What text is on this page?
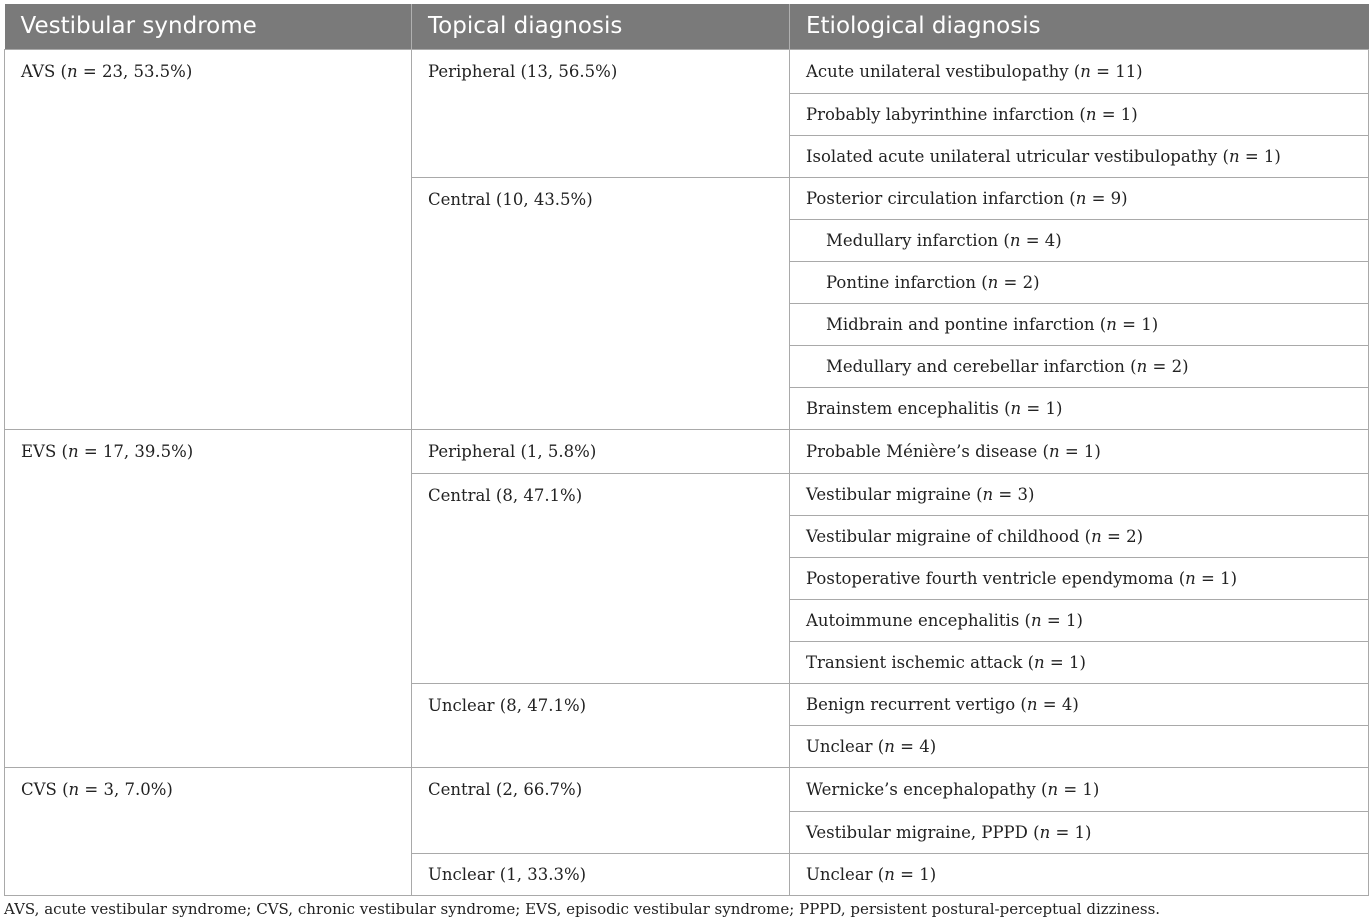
Vestibular syndrome	Topical diagnosis	Etiological diagnosis
AVS (n = 23, 53.5%)	Peripheral (13, 56.5%)	Acute unilateral vestibulopathy (n = 11)
		Probably labyrinthine infarction (n = 1)
		Isolated acute unilateral utricular vestibulopathy (n = 1)
	Central (10, 43.5%)	Posterior circulation infarction (n = 9)
		Medullary infarction (n = 4)
		Pontine infarction (n = 2)
		Midbrain and pontine infarction (n = 1)
		Medullary and cerebellar infarction (n = 2)
		Brainstem encephalitis (n = 1)
EVS (n = 17, 39.5%)	Peripheral (1, 5.8%)	Probable Ménière’s disease (n = 1)
	Central (8, 47.1%)	Vestibular migraine (n = 3)
		Vestibular migraine of childhood (n = 2)
		Postoperative fourth ventricle ependymoma (n = 1)
		Autoimmune encephalitis (n = 1)
		Transient ischemic attack (n = 1)
	Unclear (8, 47.1%)	Benign recurrent vertigo (n = 4)
		Unclear (n = 4)
CVS (n = 3, 7.0%)	Central (2, 66.7%)	Wernicke’s encephalopathy (n = 1)
		Vestibular migraine, PPPD (n = 1)
	Unclear (1, 33.3%)	Unclear (n = 1)
AVS, acute vestibular syndrome; CVS, chronic vestibular syndrome; EVS, episodic vestibular syndrome; PPPD, persistent postural-perceptual dizziness.
